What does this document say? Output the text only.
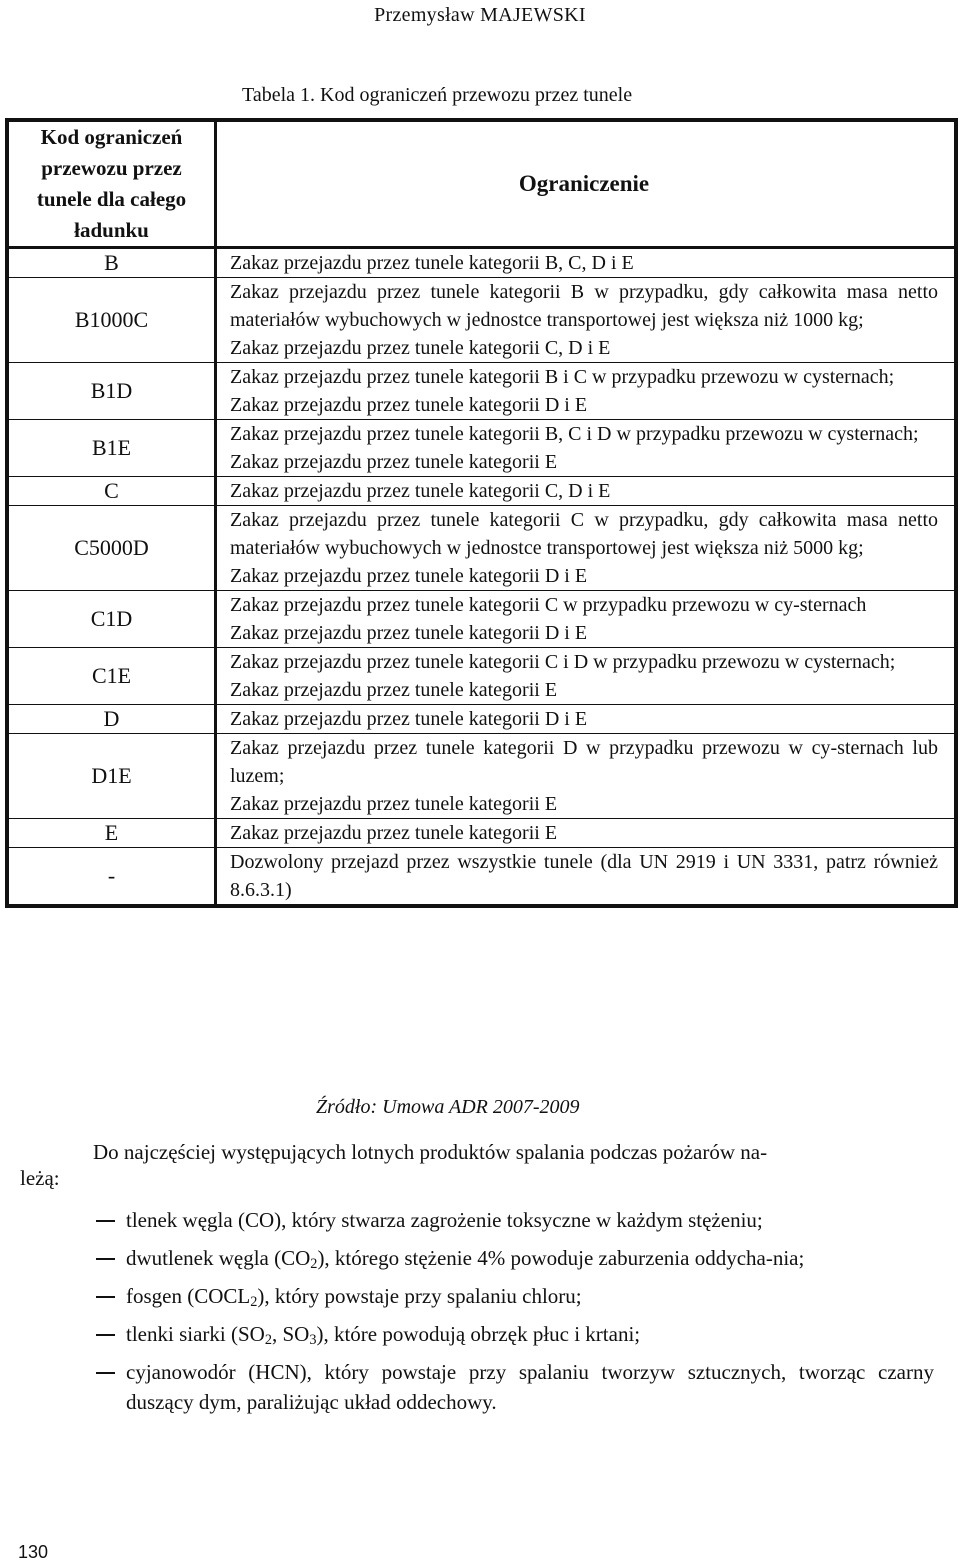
Przemysław MAJEWSKI
Tabela 1. Kod ograniczeń przewozu przez tunele
Kod ograniczeń
przewozu przez
tunele dla całego
ładunku	Ograniczenie
B	Zakaz przejazdu przez tunele kategorii B, C, D i E

B1000C	Zakaz przejazdu przez tunele kategorii B w przypadku, gdy całkowita masa netto materiałów wybuchowych w jednostce transportowej jest większa niż 1000 kg;
Zakaz przejazdu przez tunele kategorii C, D i E

B1D	Zakaz przejazdu przez tunele kategorii B i C w przypadku przewozu w cysternach;
Zakaz przejazdu przez tunele kategorii D i E

B1E	Zakaz przejazdu przez tunele kategorii B, C i D w przypadku przewozu w cysternach;
Zakaz przejazdu przez tunele kategorii E

C	Zakaz przejazdu przez tunele kategorii C, D i E

C5000D	Zakaz przejazdu przez tunele kategorii C w przypadku, gdy całkowita masa netto materiałów wybuchowych w jednostce transportowej jest większa niż 5000 kg;
Zakaz przejazdu przez tunele kategorii D i E

C1D	Zakaz przejazdu przez tunele kategorii C w przypadku przewozu w cy-sternach
Zakaz przejazdu przez tunele kategorii D i E

C1E	Zakaz przejazdu przez tunele kategorii C i D w przypadku przewozu w cysternach;
Zakaz przejazdu przez tunele kategorii E

D	Zakaz przejazdu przez tunele kategorii D i E

D1E	Zakaz przejazdu przez tunele kategorii D w przypadku przewozu w cy-sternach lub luzem;
Zakaz przejazdu przez tunele kategorii E

E	Zakaz przejazdu przez tunele kategorii E

-	Dozwolony przejazd przez wszystkie tunele (dla UN 2919 i UN 3331, patrz również 8.6.3.1)
Źródło: Umowa ADR 2007-2009
Do najczęściej występujących lotnych produktów spalania podczas pożarów na-
leżą:
tlenek węgla (CO), który stwarza zagrożenie toksyczne w każdym stężeniu;
dwutlenek węgla $(CO_2)$, którego stężenie 4% powoduje zaburzenia oddycha-nia;
fosgen $(COCL_2)$, który powstaje przy spalaniu chloru;
tlenki siarki ($SO_2$, $SO_3$), które powodują obrzęk płuc i krtani;
cyjanowodór (HCN), który powstaje przy spalaniu tworzyw sztucznych, tworząc czarny duszący dym, paraliżując układ oddechowy.
130
